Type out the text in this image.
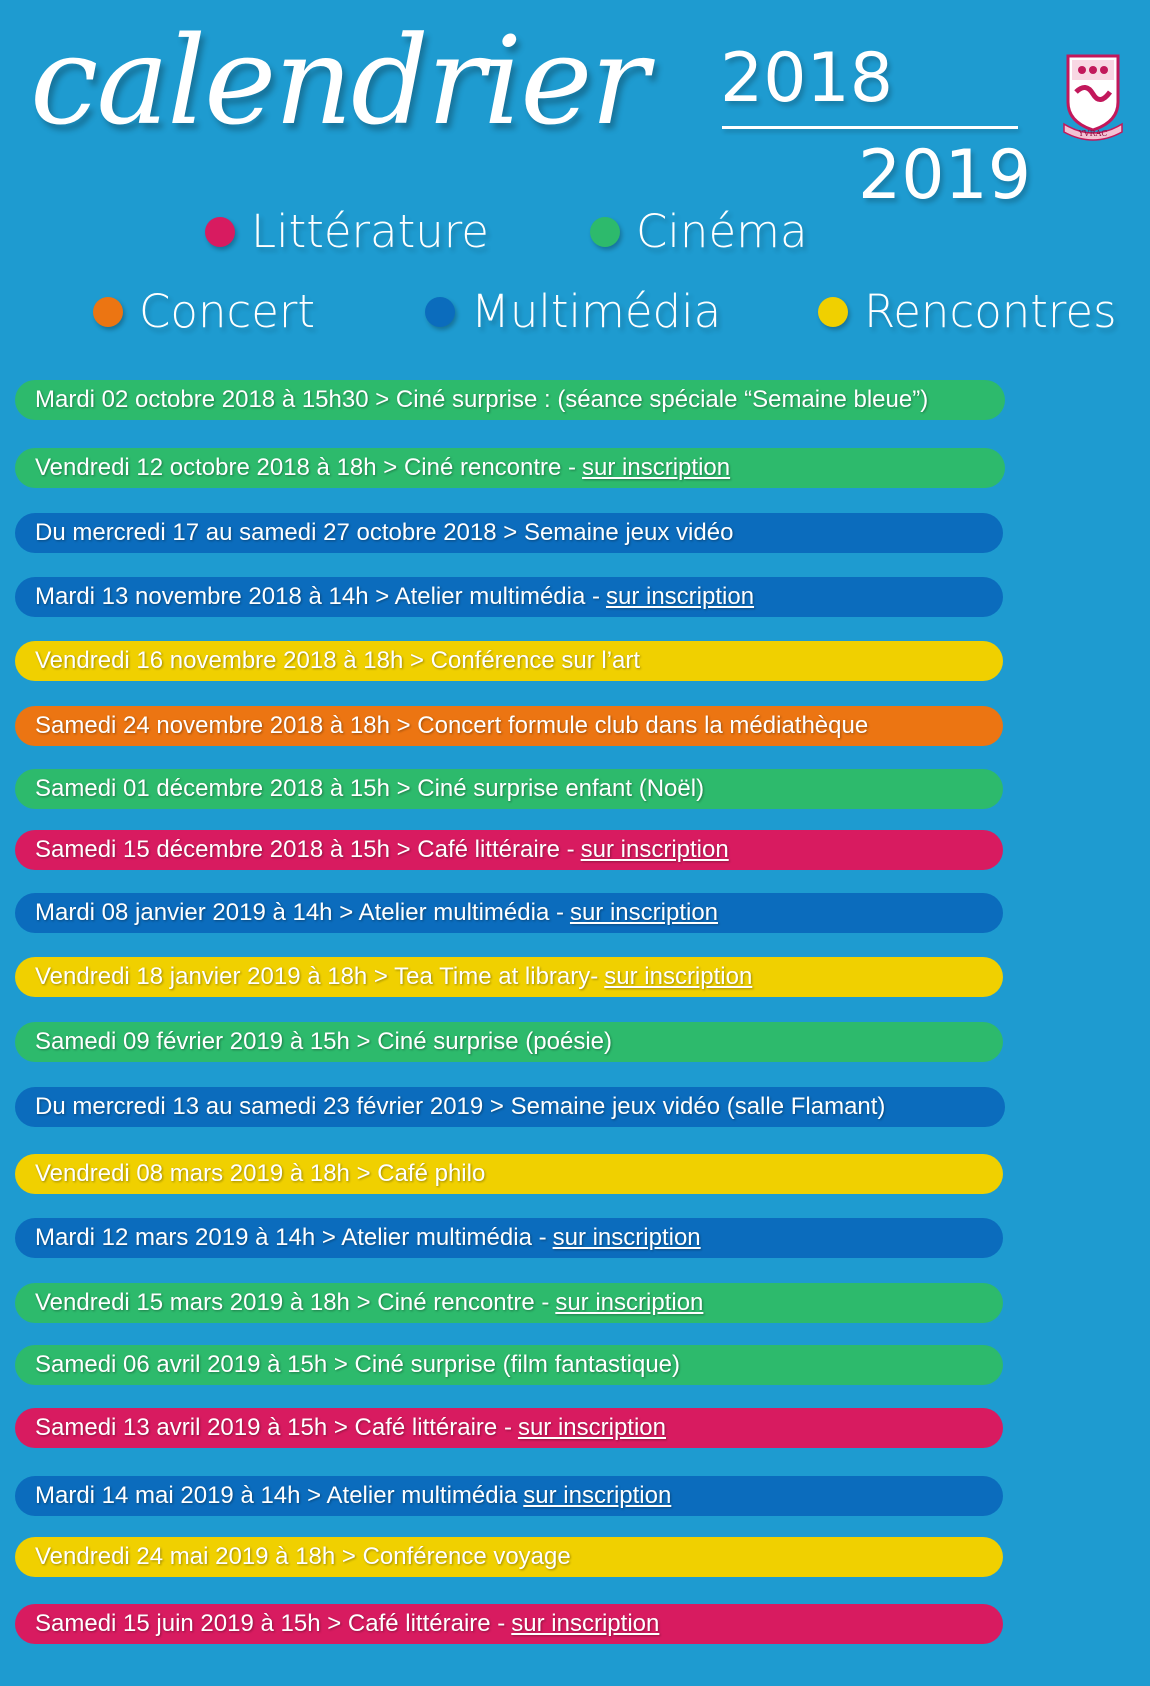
calendrier 2018
2019
YVRAC
Littérature	Cinéma
Concert	Multimédia	Rencontres
Mardi 02 octobre 2018 à 15h30 > Ciné surprise : (séance spéciale “Semaine bleue”)
Vendredi 12 octobre 2018 à 18h > Ciné rencontre - sur inscription
Du mercredi 17 au samedi 27 octobre 2018 > Semaine jeux vidéo
Mardi 13 novembre 2018 à 14h > Atelier multimédia - sur inscription
Vendredi 16 novembre 2018 à 18h > Conférence sur l’art
Samedi 24 novembre 2018 à 18h > Concert formule club dans la médiathèque
Samedi 01 décembre 2018 à 15h > Ciné surprise enfant (Noël)
Samedi 15 décembre 2018 à 15h > Café littéraire - sur inscription
Mardi 08 janvier 2019 à 14h > Atelier multimédia - sur inscription
Vendredi 18 janvier 2019 à 18h > Tea Time at library- sur inscription
Samedi 09 février 2019 à 15h > Ciné surprise (poésie)
Du mercredi 13 au samedi 23 février 2019 > Semaine jeux vidéo (salle Flamant)
Vendredi 08 mars 2019 à 18h > Café philo
Mardi 12 mars 2019 à 14h > Atelier multimédia - sur inscription
Vendredi 15 mars 2019 à 18h > Ciné rencontre - sur inscription
Samedi 06 avril 2019 à 15h > Ciné surprise (film fantastique)
Samedi 13 avril 2019 à 15h > Café littéraire - sur inscription
Mardi 14 mai 2019 à 14h > Atelier multimédia sur inscription
Vendredi 24 mai 2019 à 18h > Conférence voyage
Samedi 15 juin 2019 à 15h > Café littéraire - sur inscription
